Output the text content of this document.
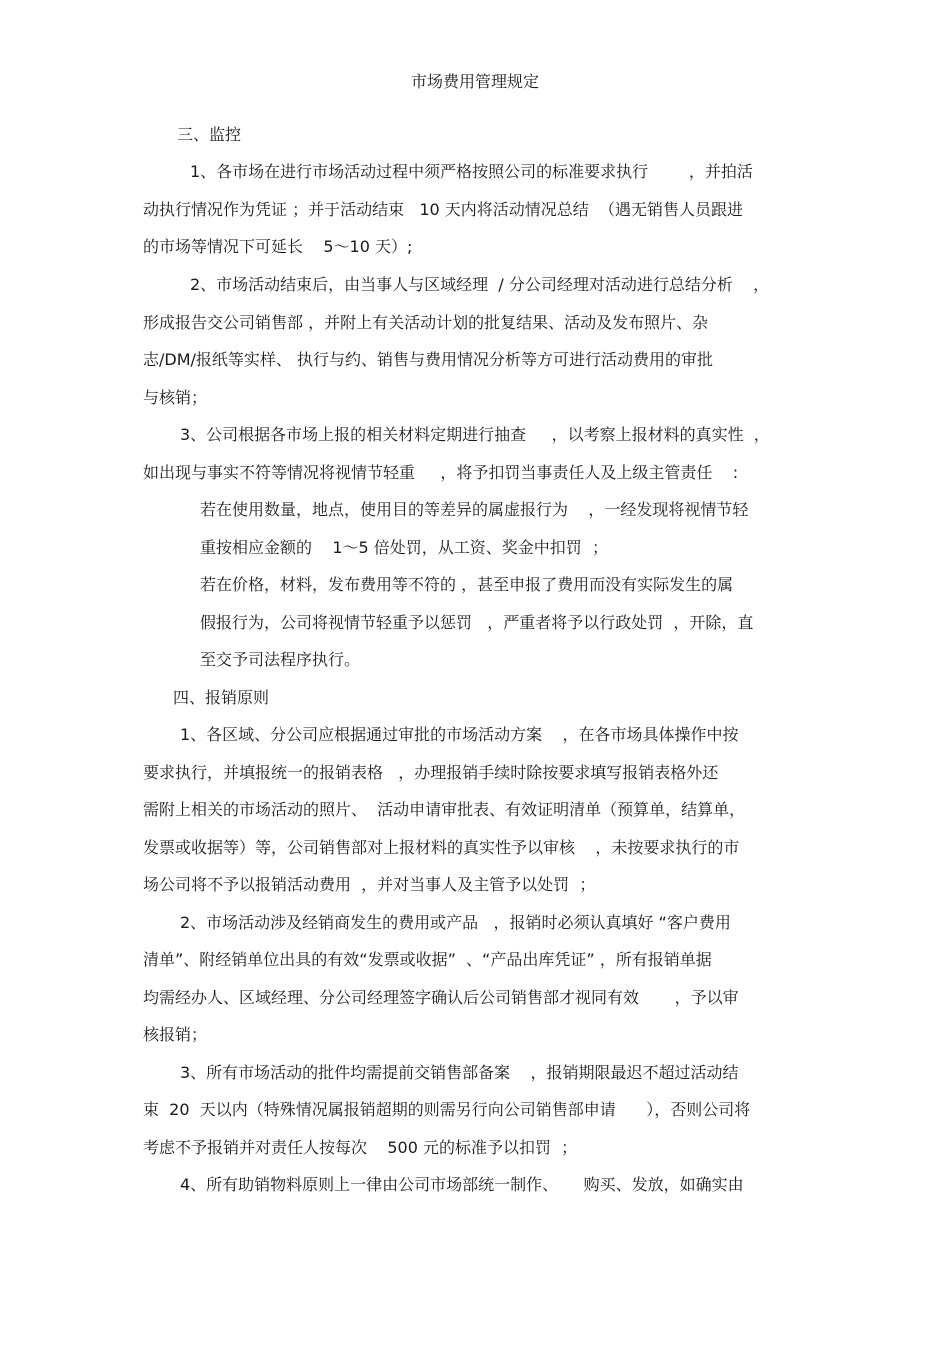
市场费用管理规定
三、监控
1、各市场在进行市场活动过程中须严格按照公司的标准要求执行        ，并拍活
动执行情况作为凭证 ；并于活动结束   10 天内将活动情况总结  （遇无销售人员跟进
的市场等情况下可延长    5～10 天）;
2、市场活动结束后，由当事人与区域经理  / 分公司经理对活动进行总结分析    ，
形成报告交公司销售部 ，并附上有关活动计划的批复结果、活动及发布照片、杂
志/DM/报纸等实样、 执行与约、销售与费用情况分析等方可进行活动费用的审批
与核销；
3、公司根据各市场上报的相关材料定期进行抽查     ，以考察上报材料的真实性  ，
如出现与事实不符等情况将视情节轻重     ，将予扣罚当事责任人及上级主管责任    :
若在使用数量，地点，使用目的等差异的属虚报行为    ，一经发现将视情节轻
重按相应金额的    1～5 倍处罚，从工资、奖金中扣罚  ；
若在价格，材料，发布费用等不符的 ，甚至申报了费用而没有实际发生的属
假报行为，公司将视情节轻重予以惩罚   ，严重者将予以行政处罚  ，开除，直
至交予司法程序执行。
四、报销原则
1、各区域、分公司应根据通过审批的市场活动方案    ，在各市场具体操作中按
要求执行，并填报统一的报销表格   ，办理报销手续时除按要求填写报销表格外还
需附上相关的市场活动的照片、  活动申请审批表、有效证明清单（预算单，结算单，
发票或收据等）等，公司销售部对上报材料的真实性予以审核    ，未按要求执行的市
场公司将不予以报销活动费用  ，并对当事人及主管予以处罚  ；
2、市场活动涉及经销商发生的费用或产品   ，报销时必须认真填好 “客户费用
清单”、附经销单位出具的有效“发票或收据”  、“产品出库凭证” ，所有报销单据
均需经办人、区域经理、分公司经理签字确认后公司销售部才视同有效       ，予以审
核报销；
3、所有市场活动的批件均需提前交销售部备案    ，报销期限最迟不超过活动结
束  20  天以内（特殊情况属报销超期的则需另行向公司销售部申请      ），否则公司将
考虑不予报销并对责任人按每次    500 元的标准予以扣罚  ；
4、所有助销物料原则上一律由公司市场部统一制作、     购买、发放，如确实由
